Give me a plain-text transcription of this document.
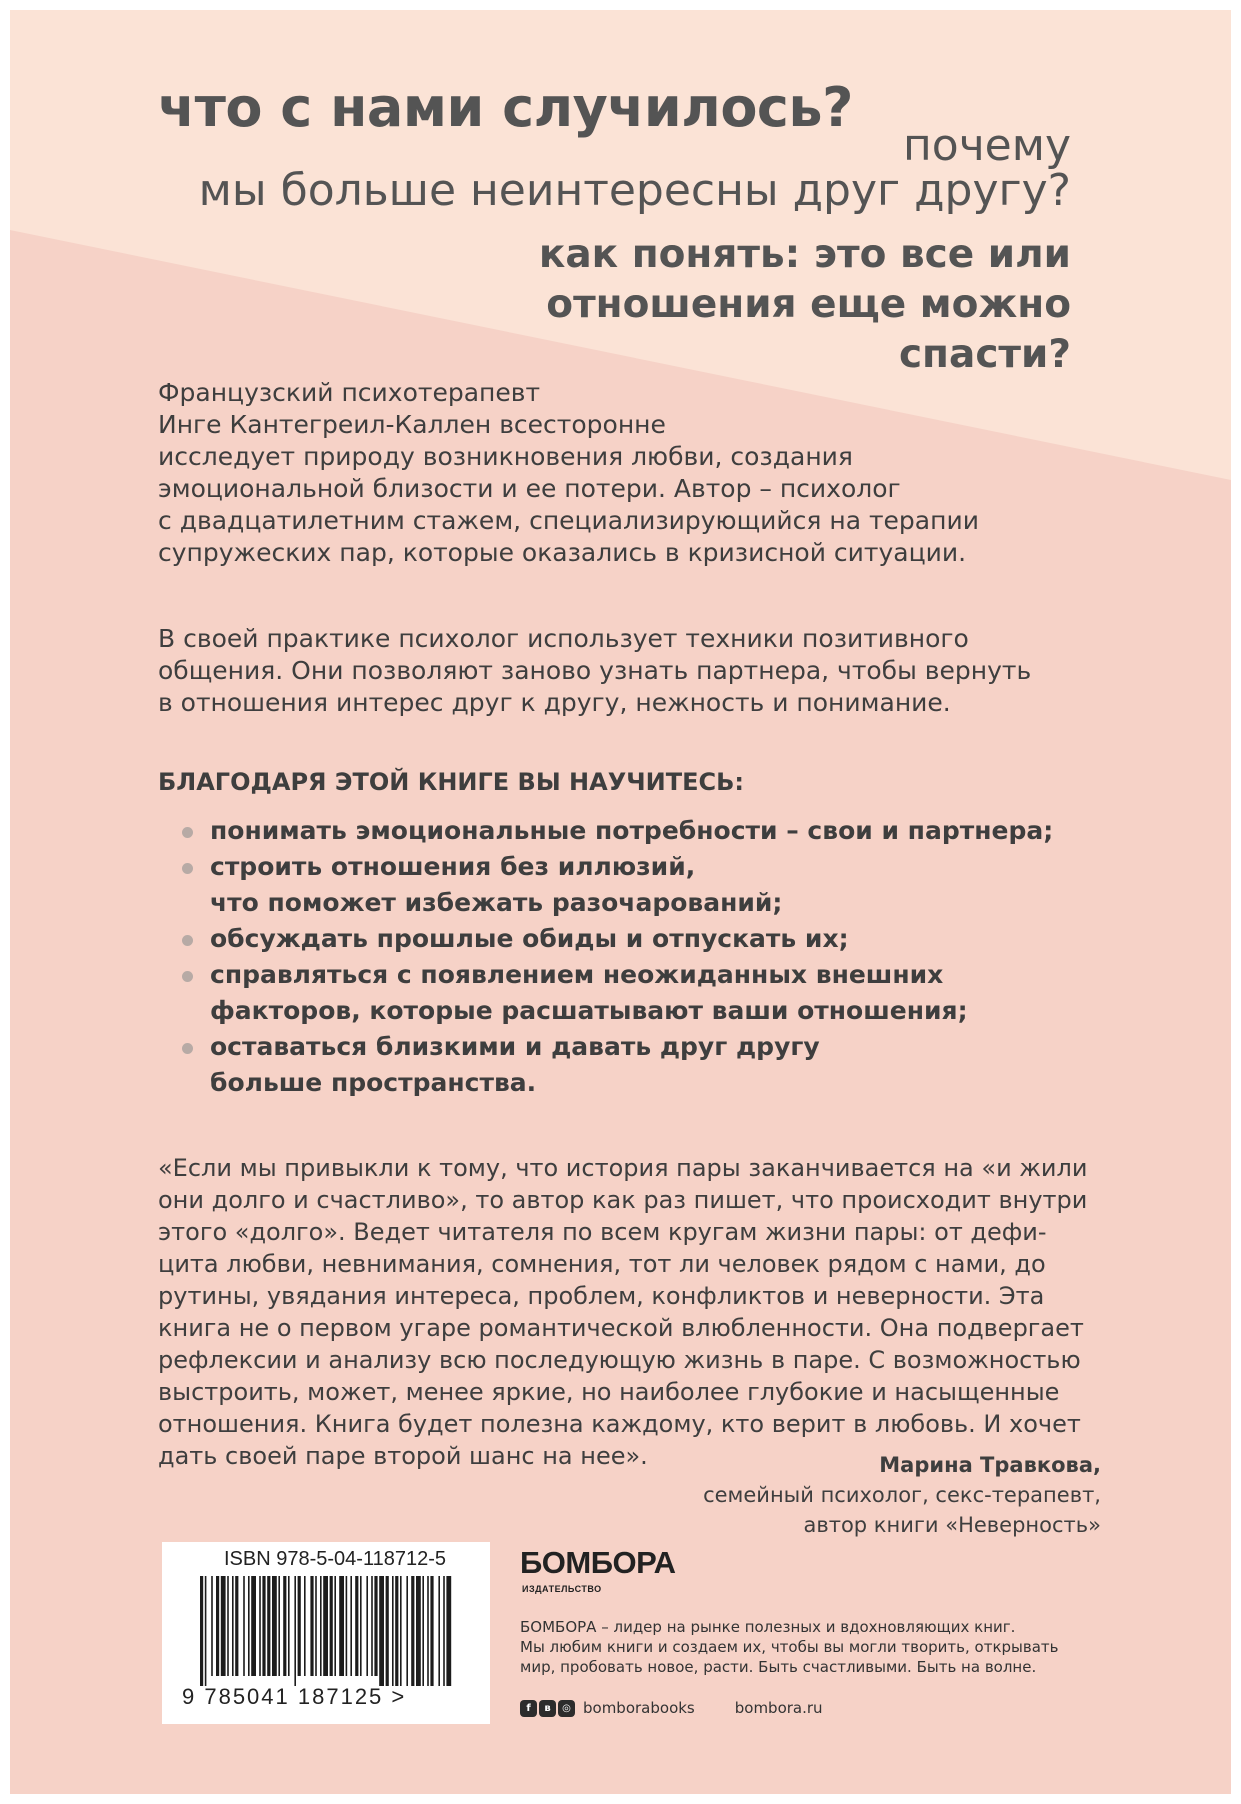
что с нами случилось?
почему
мы больше неинтересны друг другу?
как понять: это все или
отношения еще можно
спасти?
Французский психотерапевт
Инге Кантегреил-Каллен всесторонне
исследует природу возникновения любви, создания
эмоциональной близости и ее потери. Автор – психолог
с двадцатилетним стажем, специализирующийся на терапии
супружеских пар, которые оказались в кризисной ситуации.
В своей практике психолог использует техники позитивного
общения. Они позволяют заново узнать партнера, чтобы вернуть
в отношения интерес друг к другу, нежность и понимание.
БЛАГОДАРЯ ЭТОЙ КНИГЕ ВЫ НАУЧИТЕСЬ:
понимать эмоциональные потребности – свои и партнера;
строить отношения без иллюзий,
что поможет избежать разочарований;
обсуждать прошлые обиды и отпускать их;
справляться с появлением неожиданных внешних
факторов, которые расшатывают ваши отношения;
оставаться близкими и давать друг другу
больше пространства.
«Если мы привыкли к тому, что история пары заканчивается на «и жили
они долго и счастливо», то автор как раз пишет, что происходит внутри
этого «долго». Ведет читателя по всем кругам жизни пары: от дефи-
цита любви, невнимания, сомнения, тот ли человек рядом с нами, до
рутины, увядания интереса, проблем, конфликтов и неверности. Эта
книга не о первом угаре романтической влюбленности. Она подвергает
рефлексии и анализу всю последующую жизнь в паре. С возможностью
выстроить, может, менее яркие, но наиболее глубокие и насыщенные
отношения. Книга будет полезна каждому, кто верит в любовь. И хочет
дать своей паре второй шанс на нее».	Марина Травкова,
семейный психолог, секс-терапевт,
автор книги «Неверность»
ISBN 978-5-04-118712-5
9 785041 187125 >
БОМБОРА
ИЗДАТЕЛЬСТВО
БОМБОРА – лидер на рынке полезных и вдохновляющих книг.
Мы любим книги и создаем их, чтобы вы могли творить, открывать
мир, пробовать новое, расти. Быть счастливыми. Быть на волне.
f	в	◎ bomborabooks	bombora.ru
